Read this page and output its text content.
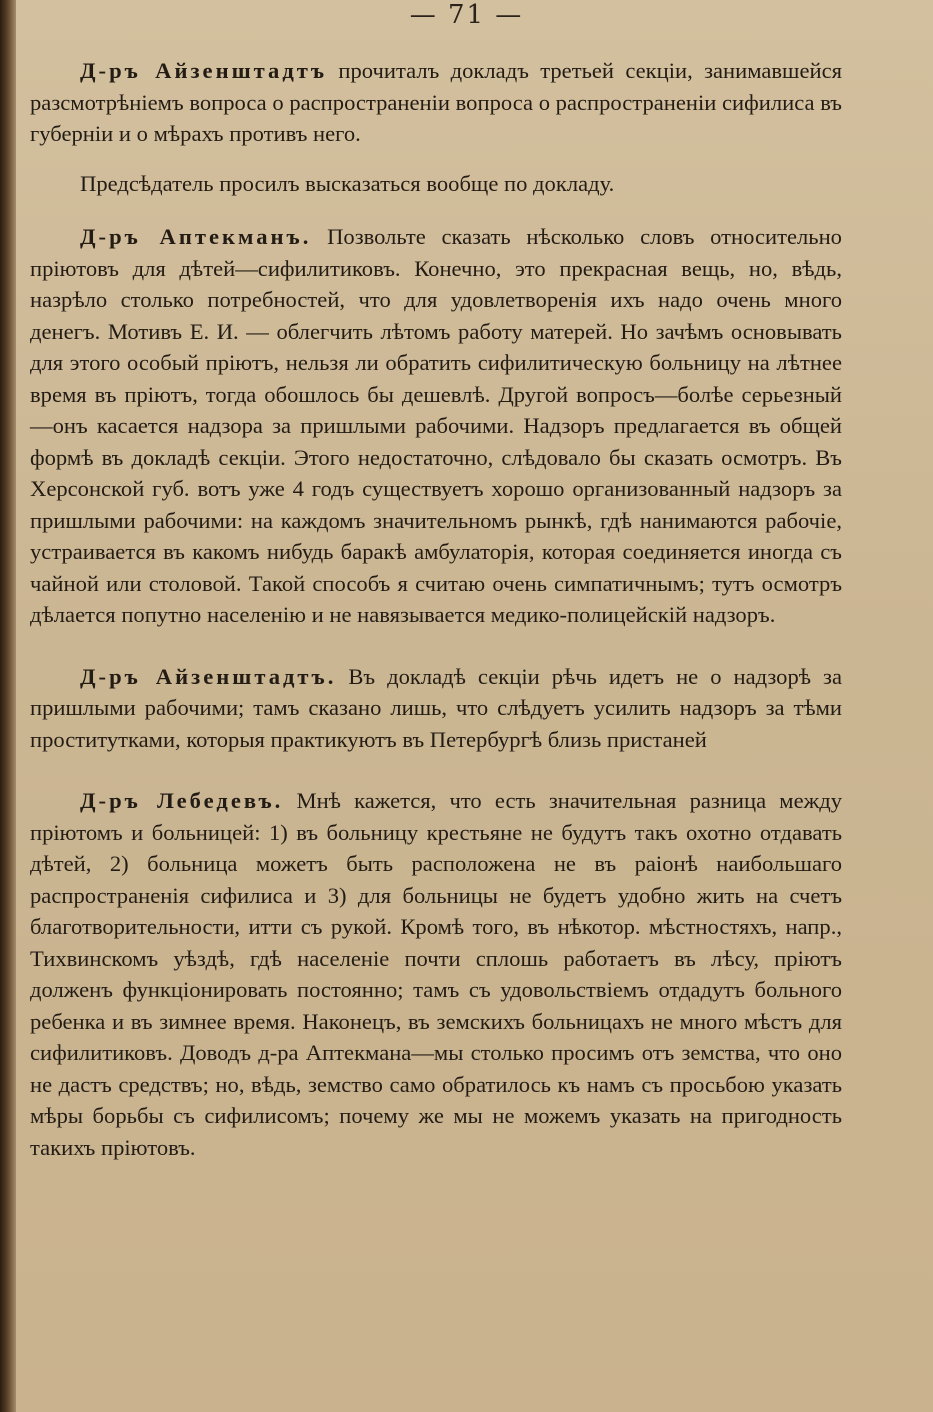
— 71 —

Д-ръ Айзенштадтъ прочиталъ докладъ третьей секціи, занимавшейся разсмотрѣніемъ вопроса о распространеніи вопроса о распространеніи сифилиса въ губерніи и о мѣрахъ противъ него.

Предсѣдатель просилъ высказаться вообще по докладу.

Д-ръ Аптекманъ. Позвольте сказать нѣсколько словъ относительно пріютовъ для дѣтей—сифилитиковъ. Конечно, это прекрасная вещь, но, вѣдь, назрѣло столько потребностей, что для удовлетворенія ихъ надо очень много денегъ. Мотивъ Е. И. — облегчить лѣтомъ работу матерей. Но зачѣмъ основывать для этого особый пріютъ, нельзя ли обратить сифилитическую больницу на лѣтнее время въ пріютъ, тогда обошлось бы дешевлѣ. Другой вопросъ—болѣе серьезный—онъ касается надзора за пришлыми рабочими. Надзоръ предлагается въ общей формѣ въ докладѣ секціи. Этого недостаточно, слѣдовало бы сказать осмотръ. Въ Херсонской губ. вотъ уже 4 годъ существуетъ хорошо организованный надзоръ за пришлыми рабочими: на каждомъ значительномъ рынкѣ, гдѣ нанимаются рабочіе, устраивается въ какомъ нибудь баракѣ амбулаторія, которая соединяется иногда съ чайной или столовой. Такой способъ я считаю очень симпатичнымъ; тутъ осмотръ дѣлается попутно населенію и не навязывается медико-полицейскій надзоръ.

Д-ръ Айзенштадтъ. Въ докладѣ секціи рѣчь идетъ не о надзорѣ за пришлыми рабочими; тамъ сказано лишь, что слѣдуетъ усилить надзоръ за тѣми проститутками, которыя практикуютъ въ Петербургѣ близь пристаней

Д-ръ Лебедевъ. Мнѣ кажется, что есть значительная разница между пріютомъ и больницей: 1) въ больницу крестьяне не будутъ такъ охотно отдавать дѣтей, 2) больница можетъ быть расположена не въ раіонѣ наибольшаго распространенія сифилиса и 3) для больницы не будетъ удобно жить на счетъ благотворительности, итти съ рукой. Кромѣ того, въ нѣкотор. мѣстностяхъ, напр., Тихвинскомъ уѣздѣ, гдѣ населеніе почти сплошь работаетъ въ лѣсу, пріютъ долженъ функціонировать постоянно; тамъ съ удовольствіемъ отдадутъ больного ребенка и въ зимнее время. Наконецъ, въ земскихъ больницахъ не много мѣстъ для сифилитиковъ. Доводъ д-ра Аптекмана—мы столько просимъ отъ земства, что оно не дастъ средствъ; но, вѣдь, земство само обратилось къ намъ съ просьбою указать мѣры борьбы съ сифилисомъ; почему же мы не можемъ указать на пригодность такихъ пріютовъ.
